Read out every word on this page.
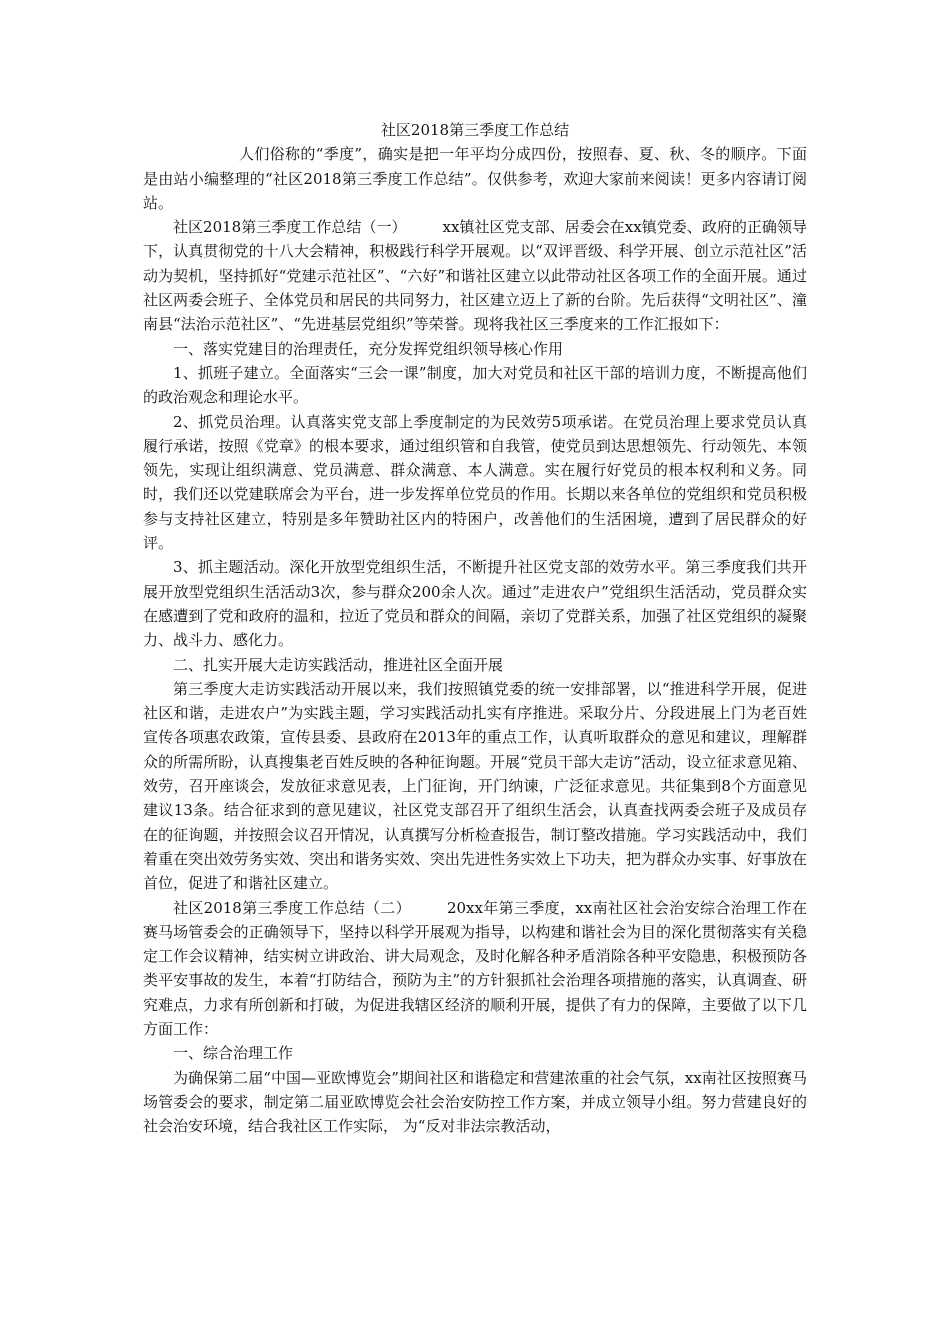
社区2018第三季度工作总结

人们俗称的“季度”，确实是把一年平均分成四份，按照春、夏、秋、冬的顺序。下面是由站小编整理的“社区2018第三季度工作总结”。仅供参考，欢迎大家前来阅读！更多内容请订阅站。

社区2018第三季度工作总结（一） xx镇社区党支部、居委会在xx镇党委、政府的正确领导下，认真贯彻党的十八大会精神，积极践行科学开展观。以“双评晋级、科学开展、创立示范社区”活动为契机，坚持抓好“党建示范社区”、“六好”和谐社区建立以此带动社区各项工作的全面开展。通过社区两委会班子、全体党员和居民的共同努力，社区建立迈上了新的台阶。先后获得“文明社区”、潼南县“法治示范社区”、“先进基层党组织”等荣誉。现将我社区三季度来的工作汇报如下：

一、落实党建目的治理责任，充分发挥党组织领导核心作用

1、抓班子建立。全面落实“三会一课”制度，加大对党员和社区干部的培训力度，不断提高他们的政治观念和理论水平。

2、抓党员治理。认真落实党支部上季度制定的为民效劳5项承诺。在党员治理上要求党员认真履行承诺，按照《党章》的根本要求，通过组织管和自我管，使党员到达思想领先、行动领先、本领领先，实现让组织满意、党员满意、群众满意、本人满意。实在履行好党员的根本权利和义务。同时，我们还以党建联席会为平台，进一步发挥单位党员的作用。长期以来各单位的党组织和党员积极参与支持社区建立，特别是多年赞助社区内的特困户，改善他们的生活困境，遭到了居民群众的好评。

3、抓主题活动。深化开放型党组织生活，不断提升社区党支部的效劳水平。第三季度我们共开展开放型党组织生活活动3次，参与群众200余人次。通过”走进农户”党组织生活活动，党员群众实在感遭到了党和政府的温和，拉近了党员和群众的间隔，亲切了党群关系，加强了社区党组织的凝聚力、战斗力、感化力。

二、扎实开展大走访实践活动，推进社区全面开展

第三季度大走访实践活动开展以来，我们按照镇党委的统一安排部署，以“推进科学开展，促进社区和谐，走进农户”为实践主题，学习实践活动扎实有序推进。采取分片、分段进展上门为老百姓宣传各项惠农政策，宣传县委、县政府在2013年的重点工作，认真听取群众的意见和建议，理解群众的所需所盼，认真搜集老百姓反映的各种征询题。开展“党员干部大走访”活动，设立征求意见箱、效劳，召开座谈会，发放征求意见表，上门征询，开门纳谏，广泛征求意见。共征集到8个方面意见建议13条。结合征求到的意见建议，社区党支部召开了组织生活会，认真查找两委会班子及成员存在的征询题，并按照会议召开情况，认真撰写分析检查报告，制订整改措施。学习实践活动中，我们着重在突出效劳务实效、突出和谐务实效、突出先进性务实效上下功夫，把为群众办实事、好事放在首位，促进了和谐社区建立。

社区2018第三季度工作总结（二） 20xx年第三季度，xx南社区社会治安综合治理工作在赛马场管委会的正确领导下，坚持以科学开展观为指导，以构建和谐社会为目的深化贯彻落实有关稳定工作会议精神，结实树立讲政治、讲大局观念，及时化解各种矛盾消除各种平安隐患，积极预防各类平安事故的发生，本着“打防结合，预防为主”的方针狠抓社会治理各项措施的落实，认真调查、研究难点，力求有所创新和打破，为促进我辖区经济的顺利开展，提供了有力的保障，主要做了以下几方面工作：

一、综合治理工作

为确保第二届“中国—亚欧博览会”期间社区和谐稳定和营建浓重的社会气氛，xx南社区按照赛马场管委会的要求，制定第二届亚欧博览会社会治安防控工作方案，并成立领导小组。努力营建良好的社会治安环境，结合我社区工作实际， 为“反对非法宗教活动，
